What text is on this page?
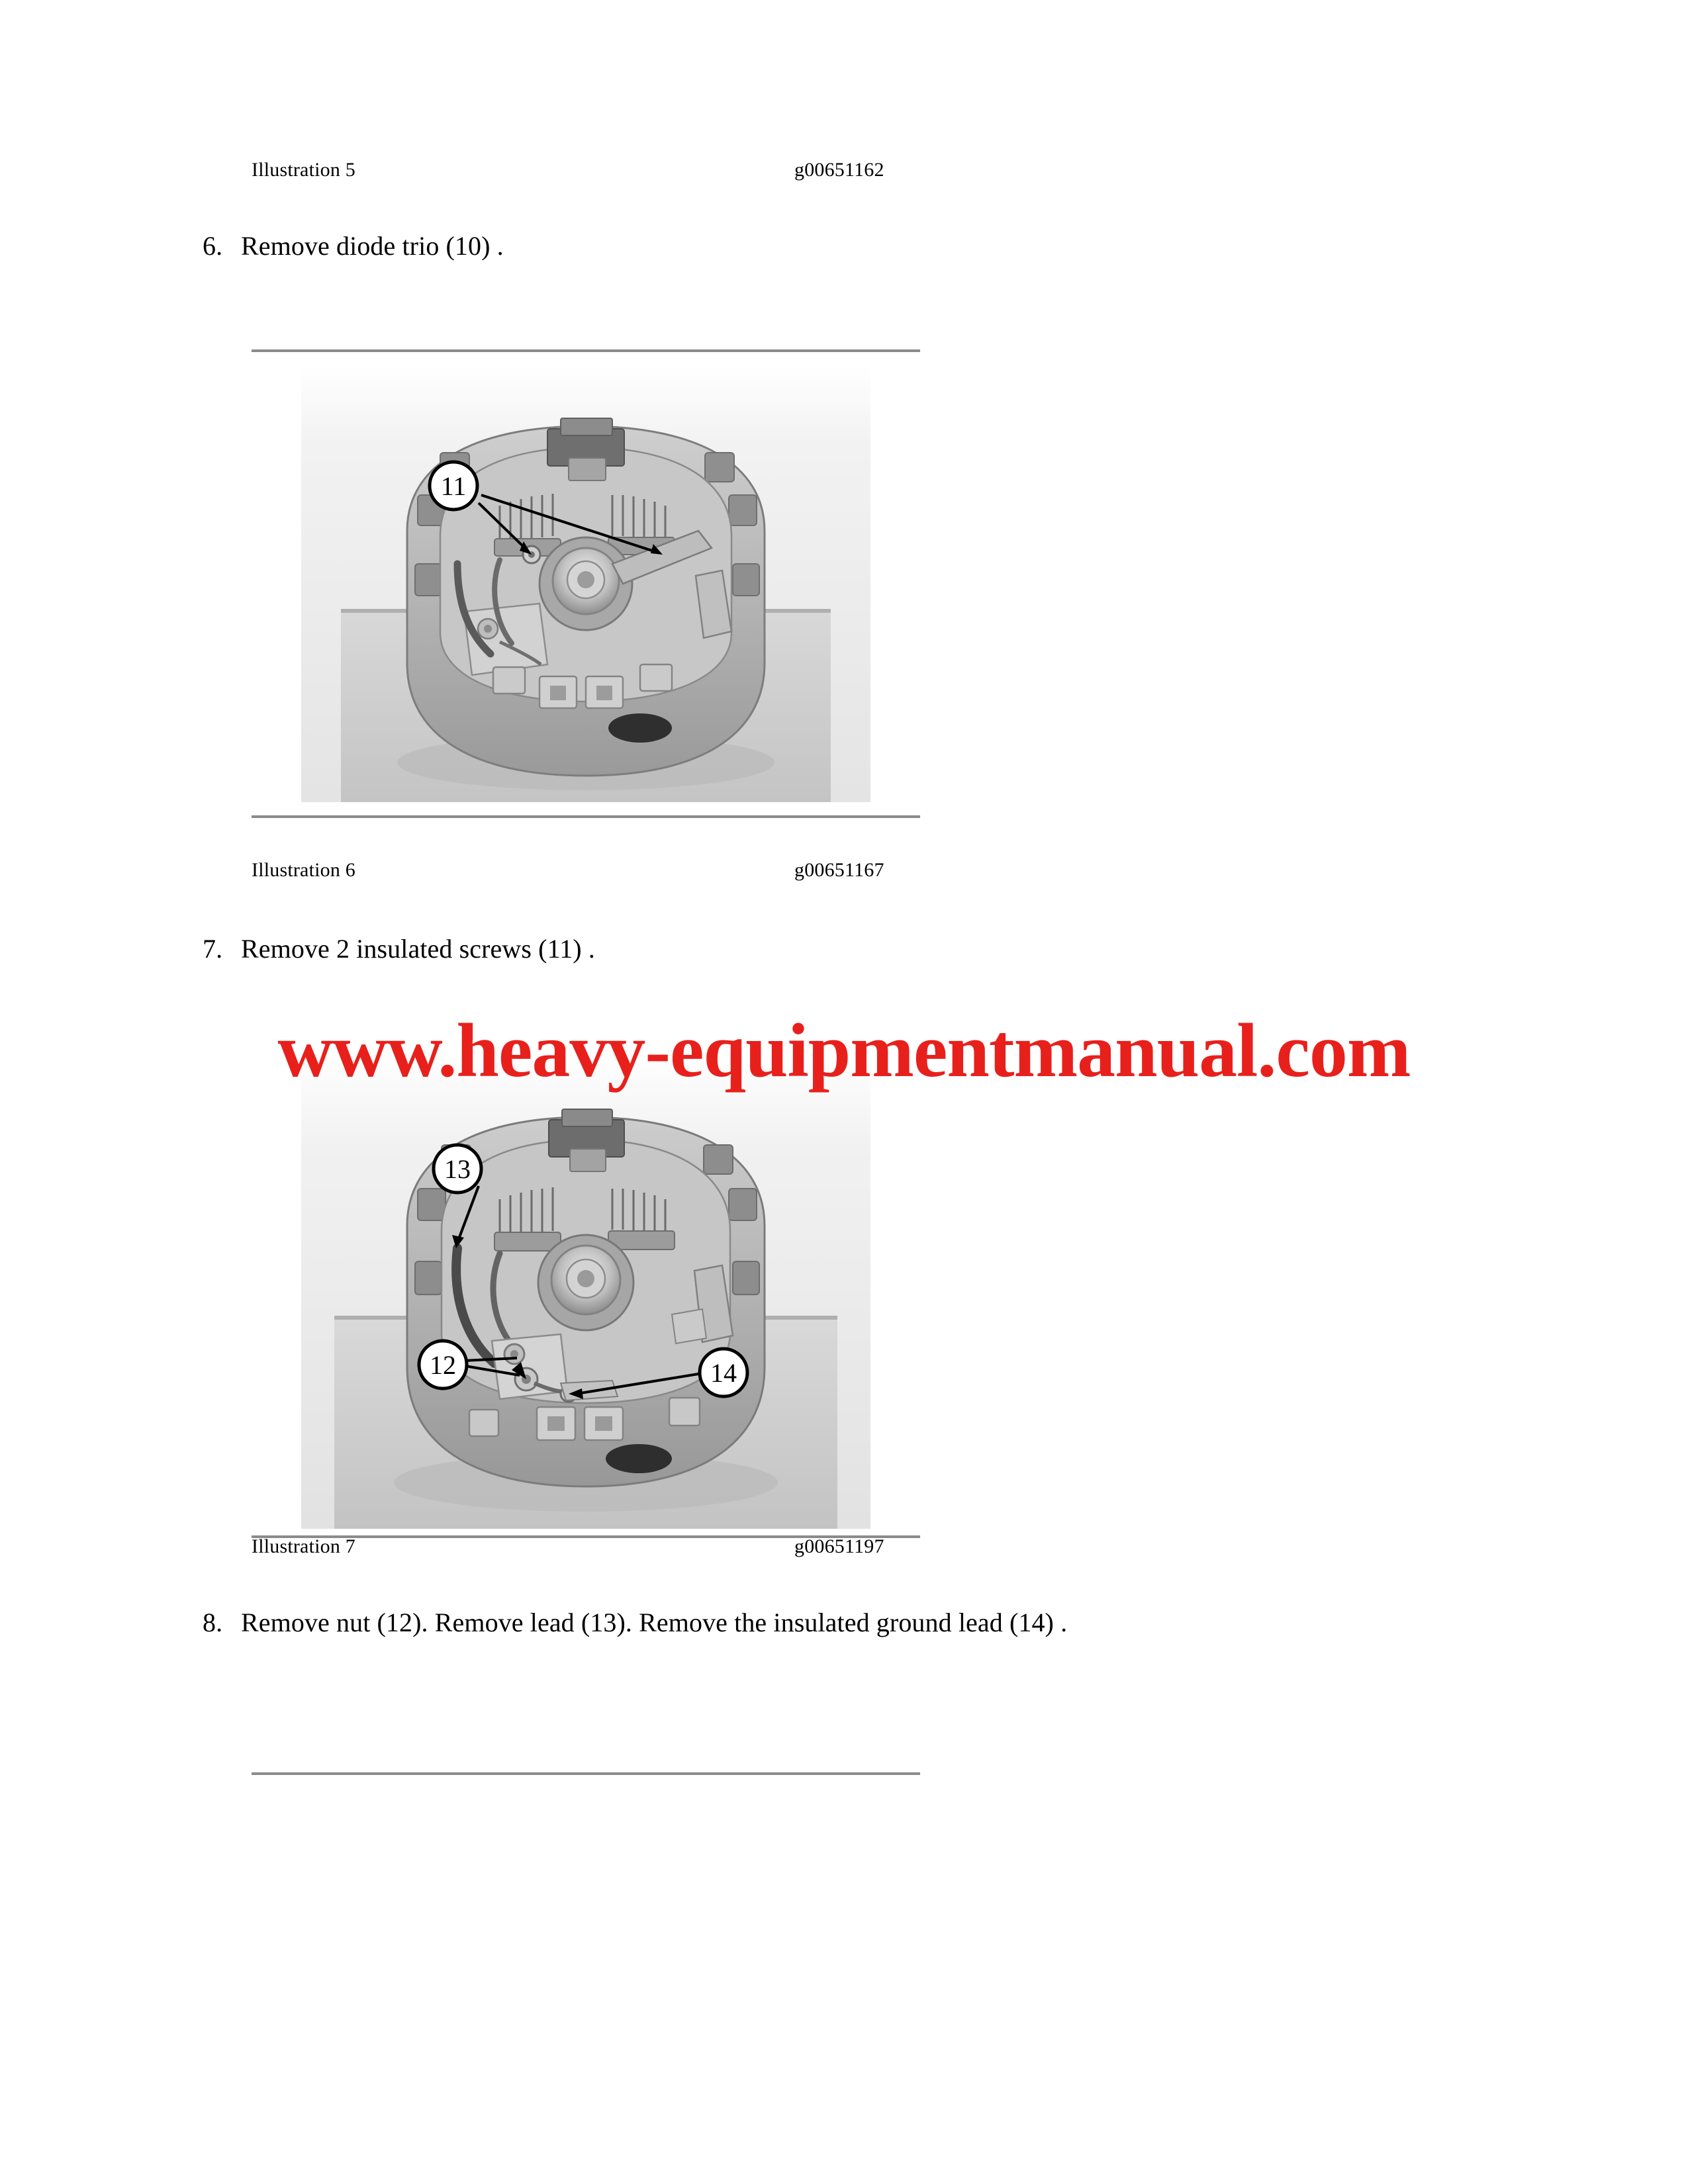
Illustration 5	g00651162
6. Remove diode trio (10) .
11
Illustration 6	g00651167
7. Remove 2 insulated screws (11) .
13
12	14
Illustration 7	g00651197
8. Remove nut (12). Remove lead (13). Remove the insulated ground lead (14) .
www.heavy-equipmentmanual.com
